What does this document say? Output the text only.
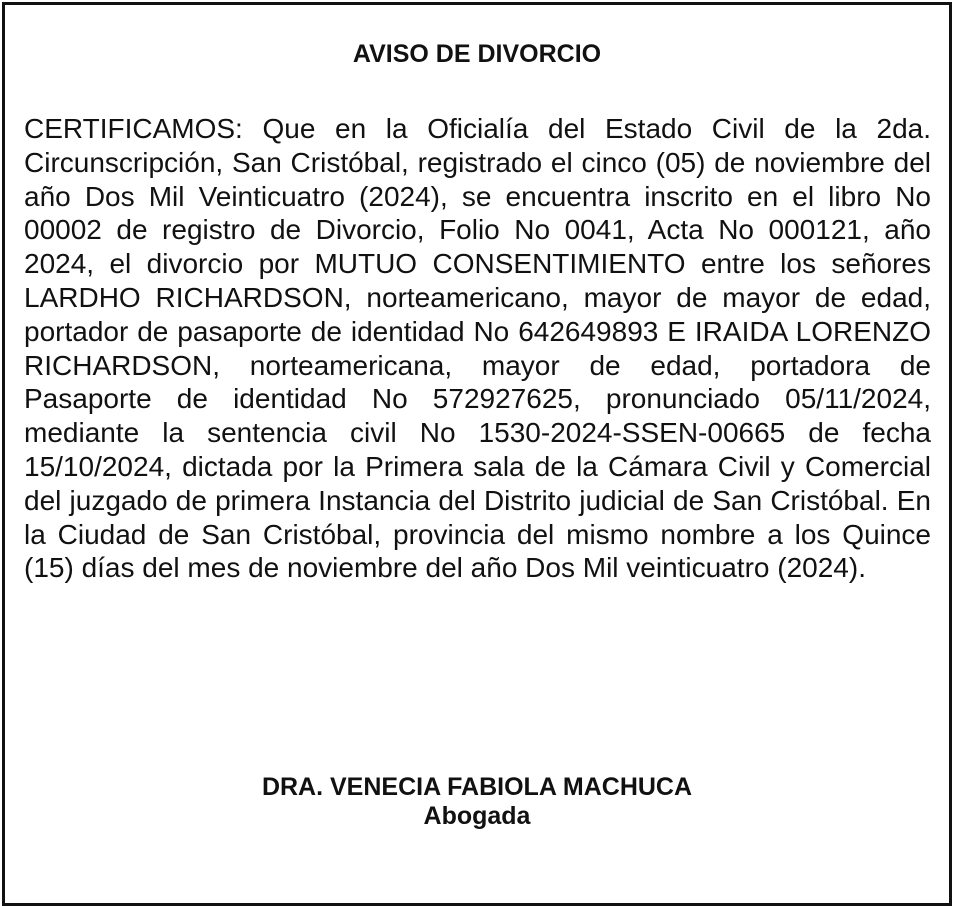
AVISO DE DIVORCIO

CERTIFICAMOS: Que en la Oficialía del Estado Civil de la 2da. Circunscripción, San Cristóbal, registrado el cinco (05) de noviembre del año Dos Mil Veinticuatro (2024), se encuentra inscrito en el libro No 00002 de registro de Divorcio, Folio No 0041, Acta No 000121, año 2024, el divorcio por MUTUO CONSENTIMIENTO entre los señores LARDHO RICHARDSON, norteamericano, mayor de mayor de edad, portador de pasaporte de identidad No 642649893 E IRAIDA LORENZO RICHARDSON, norteamericana, mayor de edad, portadora de Pasaporte de identidad No 572927625, pronunciado 05/11/2024, mediante la sentencia civil No 1530-2024-SSEN-00665 de fecha 15/10/2024, dictada por la Primera sala de la Cámara Civil y Comercial del juzgado de primera Instancia del Distrito judicial de San Cristóbal. En la Ciudad de San Cristóbal, provincia del mismo nombre a los Quince (15) días del mes de noviembre del año Dos Mil veinticuatro (2024).

DRA. VENECIA FABIOLA MACHUCA
Abogada
